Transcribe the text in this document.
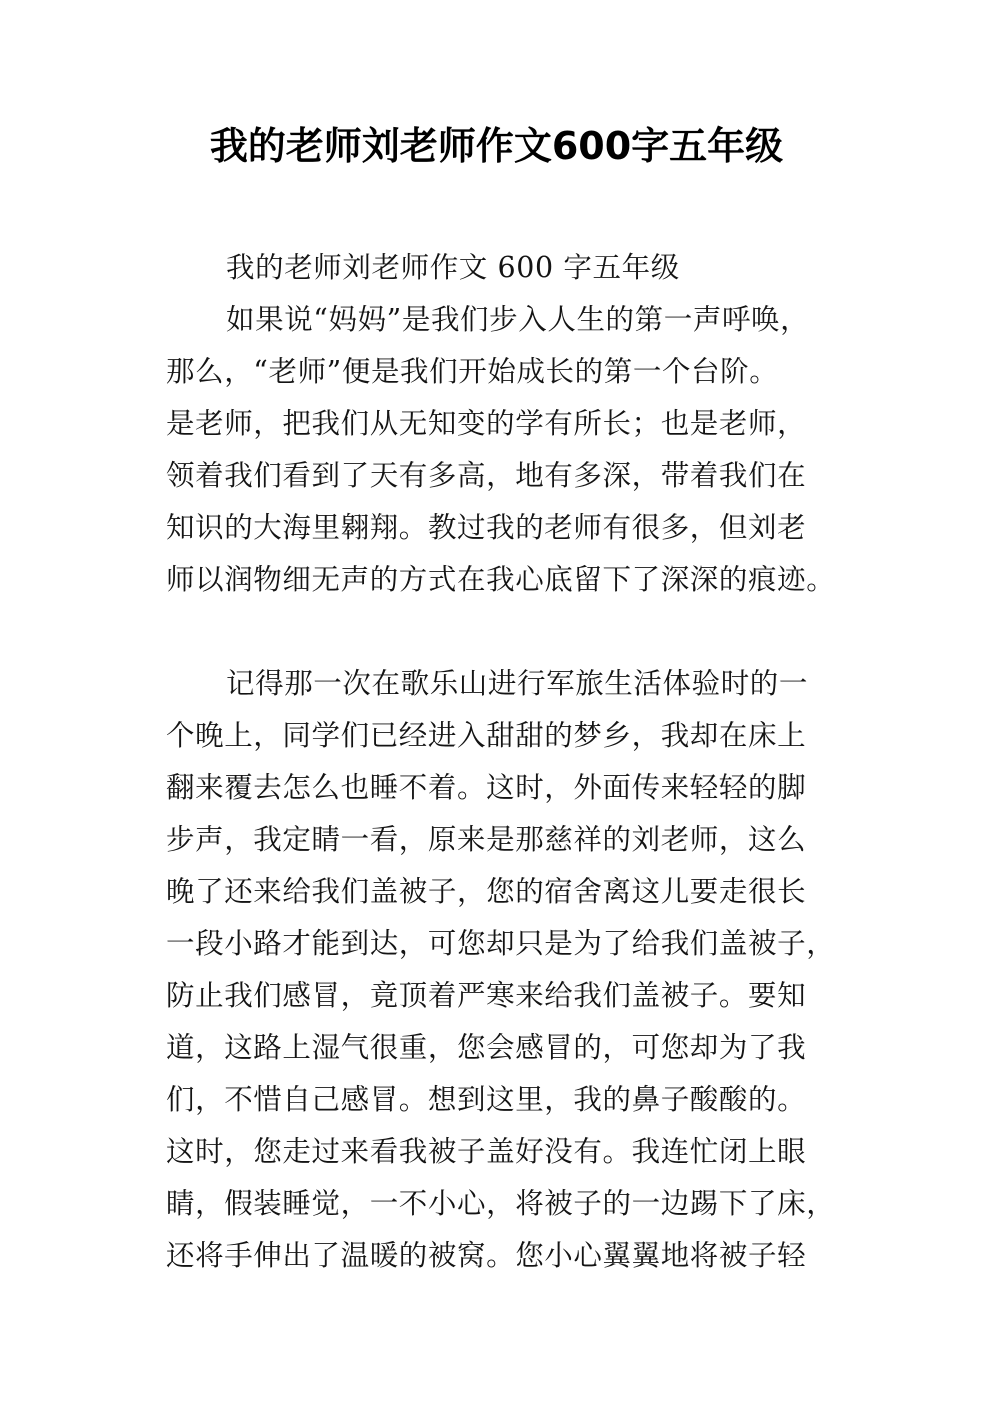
我的老师刘老师作文600字五年级
我的老师刘老师作文 600 字五年级
如果说“妈妈”是我们步入人生的第一声呼唤，
那么，“老师”便是我们开始成长的第一个台阶。
是老师，把我们从无知变的学有所长；也是老师，
领着我们看到了天有多高，地有多深，带着我们在
知识的大海里翱翔。教过我的老师有很多，但刘老
师以润物细无声的方式在我心底留下了深深的痕迹。
记得那一次在歌乐山进行军旅生活体验时的一
个晚上，同学们已经进入甜甜的梦乡，我却在床上
翻来覆去怎么也睡不着。这时，外面传来轻轻的脚
步声，我定睛一看，原来是那慈祥的刘老师，这么
晚了还来给我们盖被子，您的宿舍离这儿要走很长
一段小路才能到达，可您却只是为了给我们盖被子，
防止我们感冒，竟顶着严寒来给我们盖被子。要知
道，这路上湿气很重，您会感冒的，可您却为了我
们，不惜自己感冒。想到这里，我的鼻子酸酸的。
这时，您走过来看我被子盖好没有。我连忙闭上眼
睛，假装睡觉，一不小心，将被子的一边踢下了床，
还将手伸出了温暖的被窝。您小心翼翼地将被子轻
